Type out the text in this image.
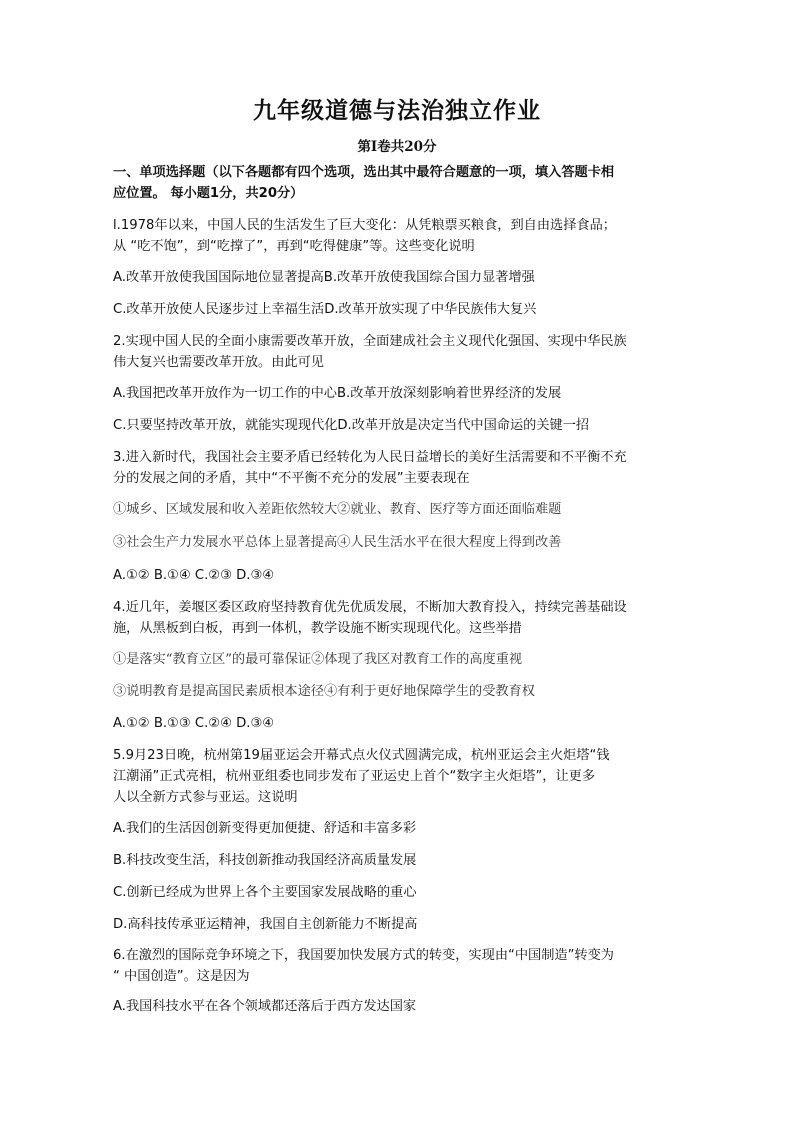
九年级道德与法治独立作业
第Ⅰ卷共20分
一、单项选择题（以下各题都有四个选项，选出其中最符合题意的一项，填入答题卡相
应位置。 每小题1分，共20分）
l.1978年以来，中国人民的生活发生了巨大变化：从凭粮票买粮食，到自由选择食品；
从 “吃不饱”，到“吃撑了”，再到“吃得健康”等。这些变化说明
A.改革开放使我国国际地位显著提高B.改革开放使我国综合国力显著增强
C.改革开放使人民逐步过上幸福生活D.改革开放实现了中华民族伟大复兴
2.实现中国人民的全面小康需要改革开放，全面建成社会主义现代化强国、实现中华民族
伟大复兴也需要改革开放。由此可见
A.我国把改革开放作为一切工作的中心B.改革开放深刻影响着世界经济的发展
C.只要坚持改革开放，就能实现现代化D.改革开放是决定当代中国命运的关键一招
3.进入新时代，我国社会主要矛盾已经转化为人民日益增长的美好生活需要和不平衡不充
分的发展之间的矛盾，其中“不平衡不充分的发展”主要表现在
①城乡、区域发展和收入差距依然较大②就业、教育、医疗等方面还面临难题
③社会生产力发展水平总体上显著提高④人民生活水平在很大程度上得到改善
A.①② B.①④ C.②③ D.③④
4.近几年，姜堰区委区政府坚持教育优先优质发展，不断加大教育投入，持续完善基础设
施，从黑板到白板，再到一体机，教学设施不断实现现代化。这些举措
①是落实“教育立区”的最可靠保证②体现了我区对教育工作的高度重视
③说明教育是提高国民素质根本途径④有利于更好地保障学生的受教育权
A.①② B.①③ C.②④ D.③④
5.9月23日晚，杭州第19届亚运会开幕式点火仪式圆满完成，杭州亚运会主火炬塔“钱
江潮涌”正式亮相，杭州亚组委也同步发布了亚运史上首个“数字主火炬塔”，让更多
人以全新方式参与亚运。这说明
A.我们的生活因创新变得更加便捷、舒适和丰富多彩
B.科技改变生活，科技创新推动我国经济高质量发展
C.创新已经成为世界上各个主要国家发展战略的重心
D.高科技传承亚运精神，我国自主创新能力不断提高
6.在激烈的国际竞争环境之下，我国要加快发展方式的转变，实现由“中国制造”转变为
“ 中国创造”。这是因为
A.我国科技水平在各个领域都还落后于西方发达国家
